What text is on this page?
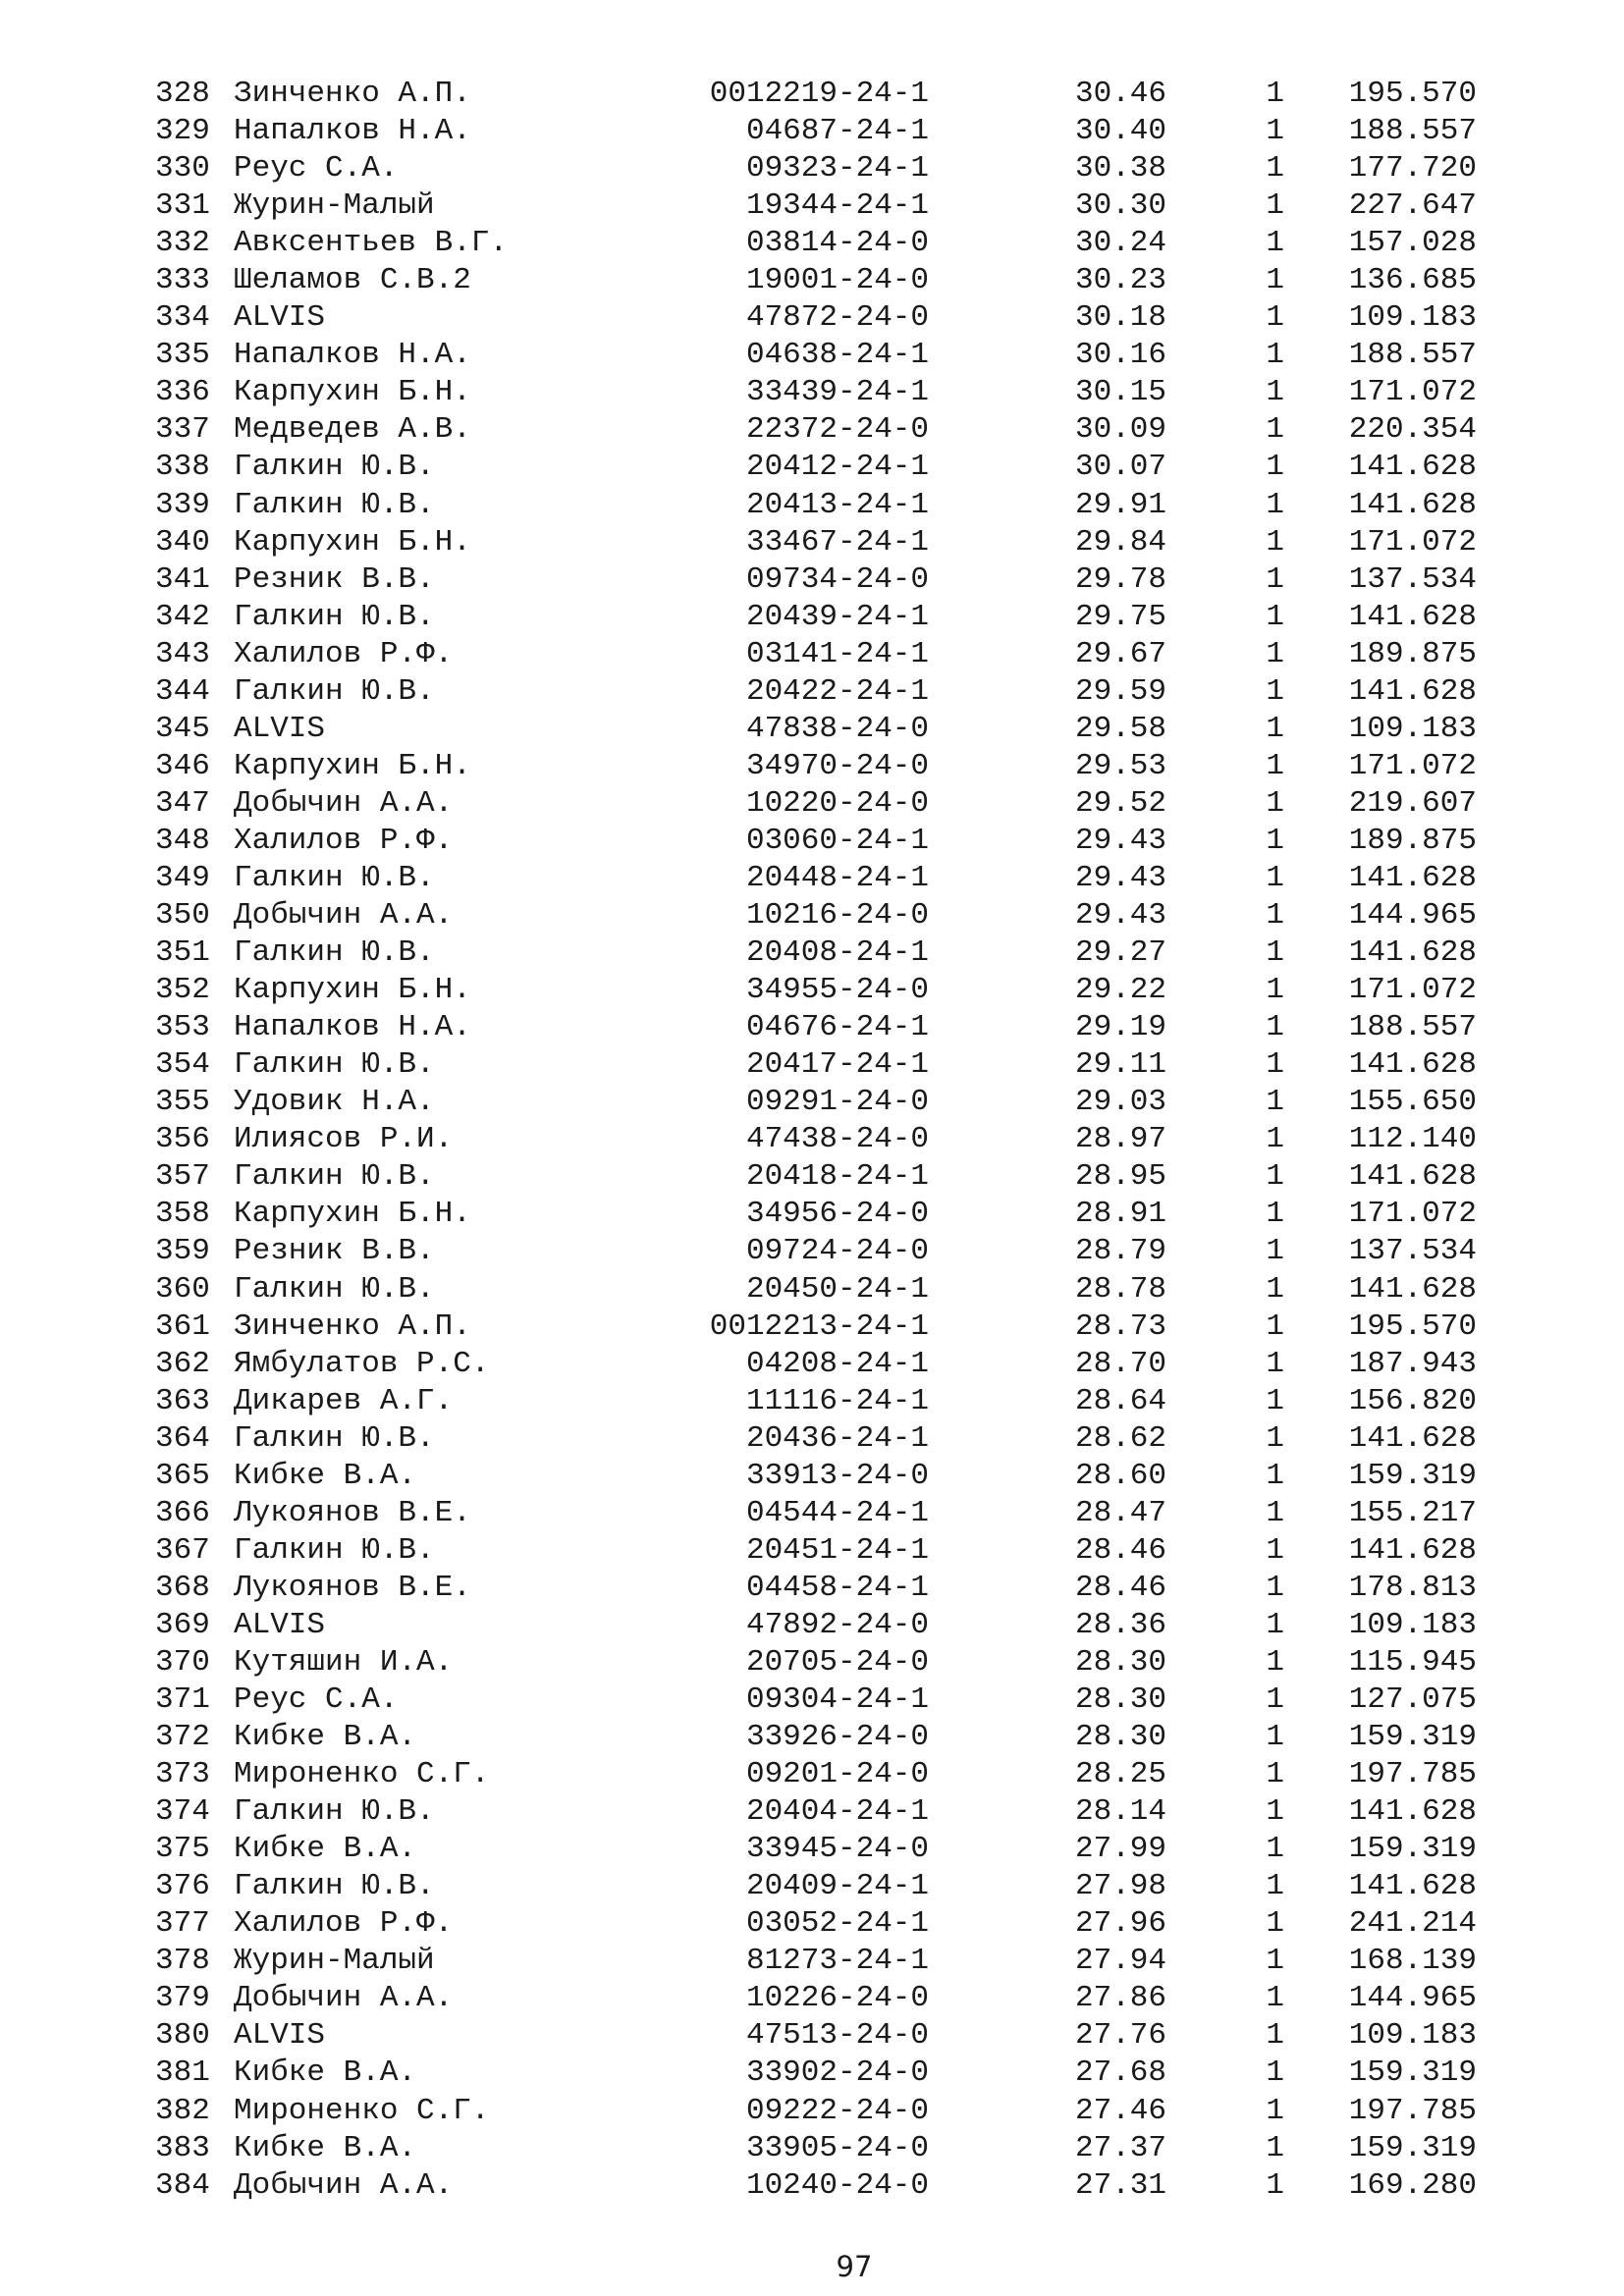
328 Зинченко А.П.	0012219-24-1	30.46	1 195.570
329 Напалков Н.А.	04687-24-1	30.40	1 188.557
330 Реус С.А.	09323-24-1	30.38	1 177.720
331 Журин-Малый	19344-24-1	30.30	1 227.647
332 Авксентьев В.Г.	03814-24-0	30.24	1 157.028
333 Шеламов С.В.2	19001-24-0	30.23	1 136.685
334 ALVIS	47872-24-0	30.18	1 109.183
335 Напалков Н.А.	04638-24-1	30.16	1 188.557
336 Карпухин Б.Н.	33439-24-1	30.15	1 171.072
337 Медведев А.В.	22372-24-0	30.09	1 220.354
338 Галкин Ю.В.	20412-24-1	30.07	1 141.628
339 Галкин Ю.В.	20413-24-1	29.91	1 141.628
340 Карпухин Б.Н.	33467-24-1	29.84	1 171.072
341 Резник В.В.	09734-24-0	29.78	1 137.534
342 Галкин Ю.В.	20439-24-1	29.75	1 141.628
343 Халилов Р.Ф.	03141-24-1	29.67	1 189.875
344 Галкин Ю.В.	20422-24-1	29.59	1 141.628
345 ALVIS	47838-24-0	29.58	1 109.183
346 Карпухин Б.Н.	34970-24-0	29.53	1 171.072
347 Добычин А.А.	10220-24-0	29.52	1 219.607
348 Халилов Р.Ф.	03060-24-1	29.43	1 189.875
349 Галкин Ю.В.	20448-24-1	29.43	1 141.628
350 Добычин А.А.	10216-24-0	29.43	1 144.965
351 Галкин Ю.В.	20408-24-1	29.27	1 141.628
352 Карпухин Б.Н.	34955-24-0	29.22	1 171.072
353 Напалков Н.А.	04676-24-1	29.19	1 188.557
354 Галкин Ю.В.	20417-24-1	29.11	1 141.628
355 Удовик Н.А.	09291-24-0	29.03	1 155.650
356 Илиясов Р.И.	47438-24-0	28.97	1 112.140
357 Галкин Ю.В.	20418-24-1	28.95	1 141.628
358 Карпухин Б.Н.	34956-24-0	28.91	1 171.072
359 Резник В.В.	09724-24-0	28.79	1 137.534
360 Галкин Ю.В.	20450-24-1	28.78	1 141.628
361 Зинченко А.П.	0012213-24-1	28.73	1 195.570
362 Ямбулатов Р.С.	04208-24-1	28.70	1 187.943
363 Дикарев А.Г.	11116-24-1	28.64	1 156.820
364 Галкин Ю.В.	20436-24-1	28.62	1 141.628
365 Кибке В.А.	33913-24-0	28.60	1 159.319
366 Лукоянов В.Е.	04544-24-1	28.47	1 155.217
367 Галкин Ю.В.	20451-24-1	28.46	1 141.628
368 Лукоянов В.Е.	04458-24-1	28.46	1 178.813
369 ALVIS	47892-24-0	28.36	1 109.183
370 Кутяшин И.А.	20705-24-0	28.30	1 115.945
371 Реус С.А.	09304-24-1	28.30	1 127.075
372 Кибке В.А.	33926-24-0	28.30	1 159.319
373 Мироненко С.Г.	09201-24-0	28.25	1 197.785
374 Галкин Ю.В.	20404-24-1	28.14	1 141.628
375 Кибке В.А.	33945-24-0	27.99	1 159.319
376 Галкин Ю.В.	20409-24-1	27.98	1 141.628
377 Халилов Р.Ф.	03052-24-1	27.96	1 241.214
378 Журин-Малый	81273-24-1	27.94	1 168.139
379 Добычин А.А.	10226-24-0	27.86	1 144.965
380 ALVIS	47513-24-0	27.76	1 109.183
381 Кибке В.А.	33902-24-0	27.68	1 159.319
382 Мироненко С.Г.	09222-24-0	27.46	1 197.785
383 Кибке В.А.	33905-24-0	27.37	1 159.319
384 Добычин А.А.	10240-24-0	27.31	1 169.280
97
